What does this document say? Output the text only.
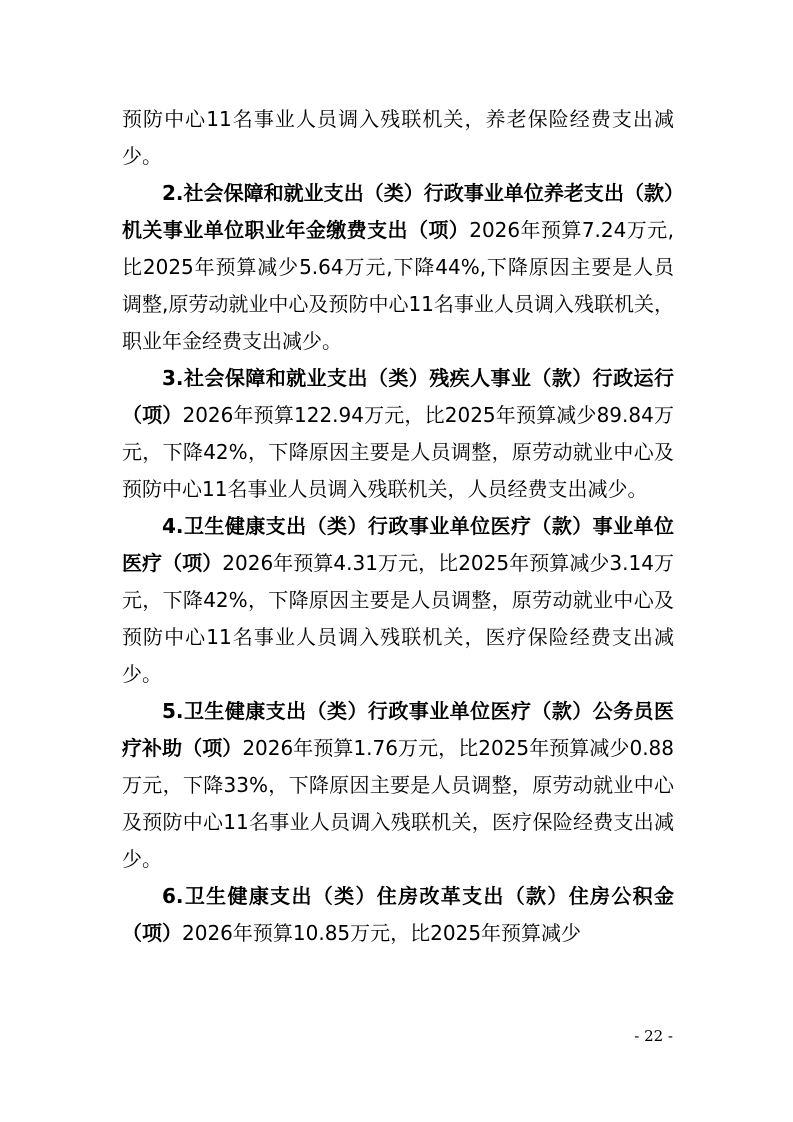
预防中心11名事业人员调入残联机关，养老保险经费支出减少。

2.社会保障和就业支出（类）行政事业单位养老支出（款）机关事业单位职业年金缴费支出（项）2026年预算7.24万元,比2025年预算减少5.64万元,下降44%,下降原因主要是人员调整,原劳动就业中心及预防中心11名事业人员调入残联机关，职业年金经费支出减少。

3.社会保障和就业支出（类）残疾人事业（款）行政运行（项）2026年预算122.94万元，比2025年预算减少89.84万元，下降42%，下降原因主要是人员调整，原劳动就业中心及预防中心11名事业人员调入残联机关，人员经费支出减少。

4.卫生健康支出（类）行政事业单位医疗（款）事业单位医疗（项）2026年预算4.31万元，比2025年预算减少3.14万元，下降42%，下降原因主要是人员调整，原劳动就业中心及预防中心11名事业人员调入残联机关，医疗保险经费支出减少。

5.卫生健康支出（类）行政事业单位医疗（款）公务员医疗补助（项）2026年预算1.76万元，比2025年预算减少0.88万元，下降33%，下降原因主要是人员调整，原劳动就业中心及预防中心11名事业人员调入残联机关，医疗保险经费支出减少。

6.卫生健康支出（类）住房改革支出（款）住房公积金（项）2026年预算10.85万元，比2025年预算减少

- 22 -
